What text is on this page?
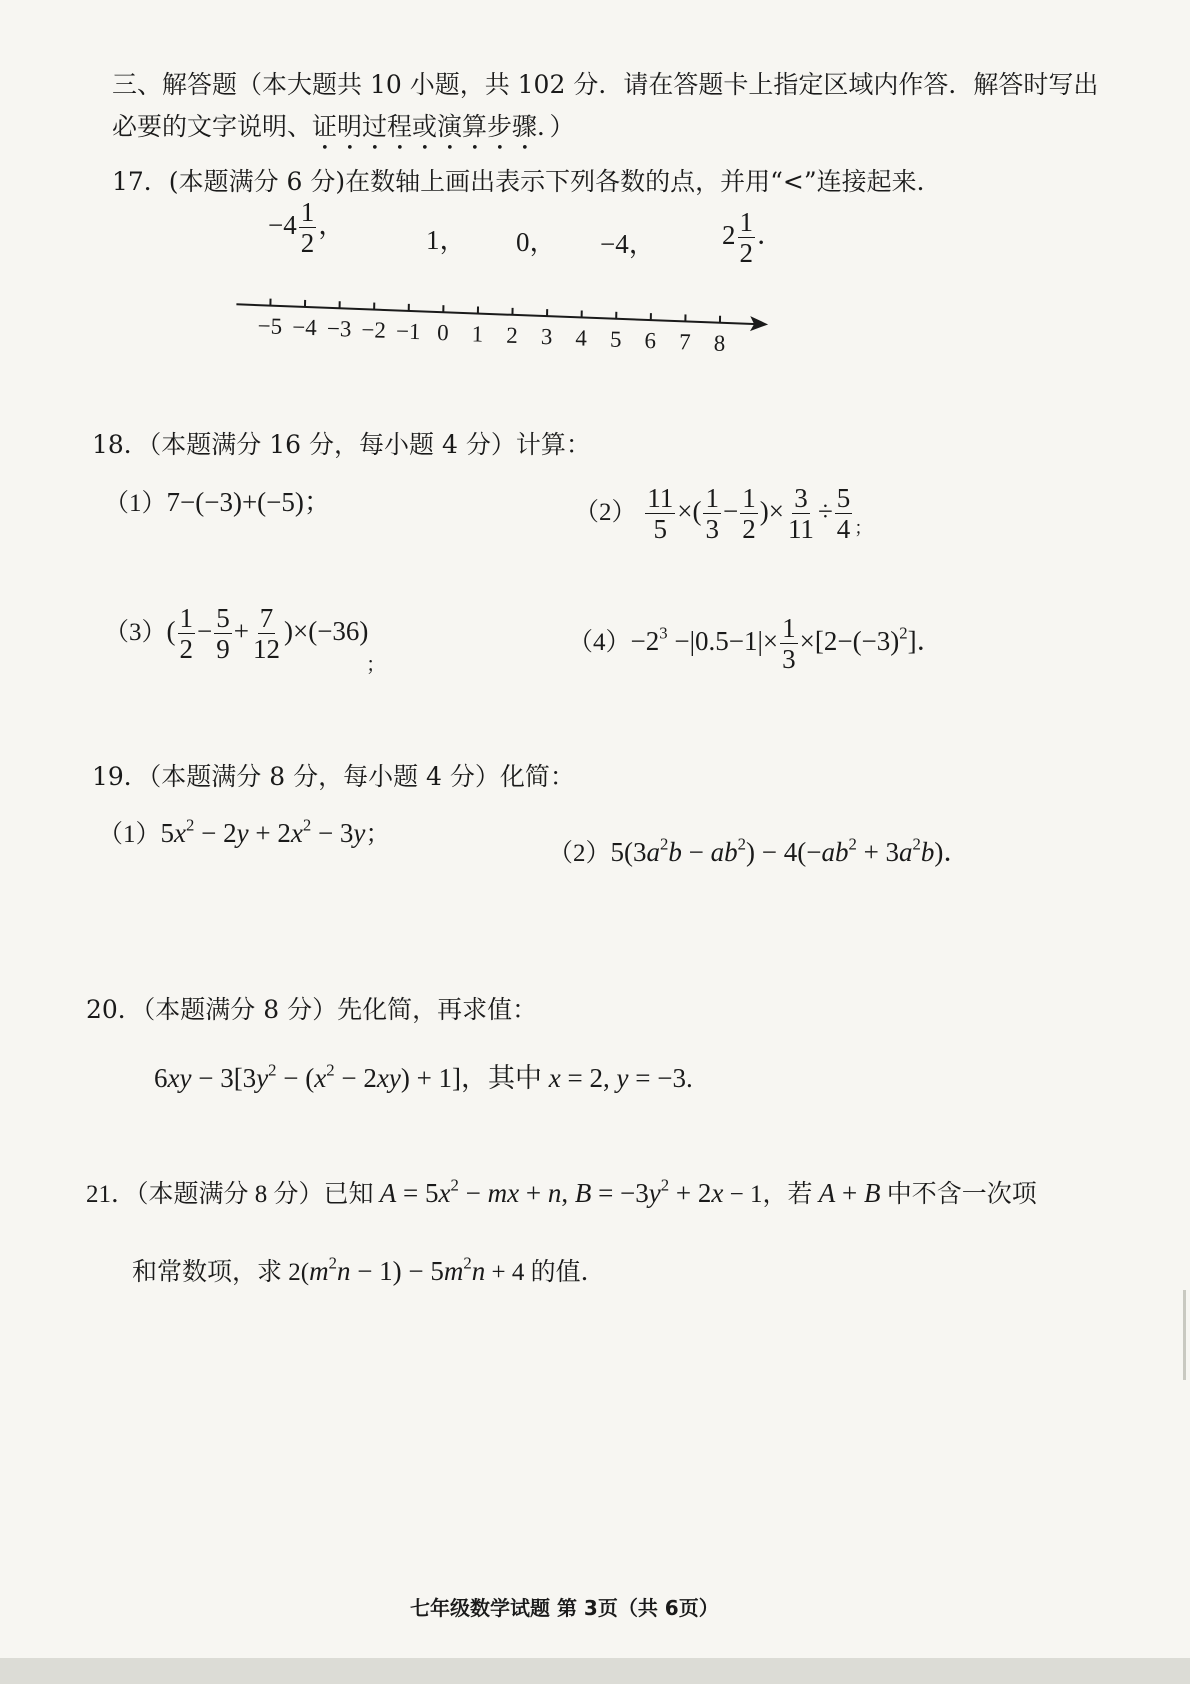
三、解答题（本大题共 10 小题，共 102 分．请在答题卡上指定区域内作答．解答时写出
必要的文字说明、证明过程或演算步骤．）
17．(本题满分 6 分)在数轴上画出表示下列各数的点，并用“<”连接起来．
$-4 \frac{1}{2}$ ，	1， 0， −4， $2 \frac{1}{2}$ ．
−5 −4 −3 −2 −1 0 1 2 3 4 5 6 7 8
18．（本题满分 16 分，每小题 4 分）计算：
（1）7−(−3)+(−5)；	$(2) \frac{11}{5}$ ×( $\frac{1}{3} - \frac{1}{2}$ )× $\frac{3}{11} \div \frac{5}{4} _;$
$(3)( \frac{1}{2} - \frac{5}{9} + \frac{7}{12} )\times(-36)$
；
$(4)-2^3 -|0.5-1|\times \frac{1}{3} \times[2-(-3)^2]$．
19．（本题满分 8 分，每小题 4 分）化简：
$(1)5x^2 - 2y + 2x^2 - 3y$；
$(2)5(3a^2b - ab^2) - 4(-ab^2 + 3a^2b)$．
20．（本题满分 8 分）先化简，再求值：
$6xy - 3[3y^2 - (x^2 - 2xy) + 1]$，其中 x = 2, y = −3.
21．（本题满分 8 分）已知 $A = 5x^2$ − mx + n, $B = -3y^2 + 2x - 1$，若 A + B 中不含一次项
和常数项，求 $2(m^2n - 1) - 5m^2n + 4$ 的值．
七年级数学试题 第 3页（共 6页）
